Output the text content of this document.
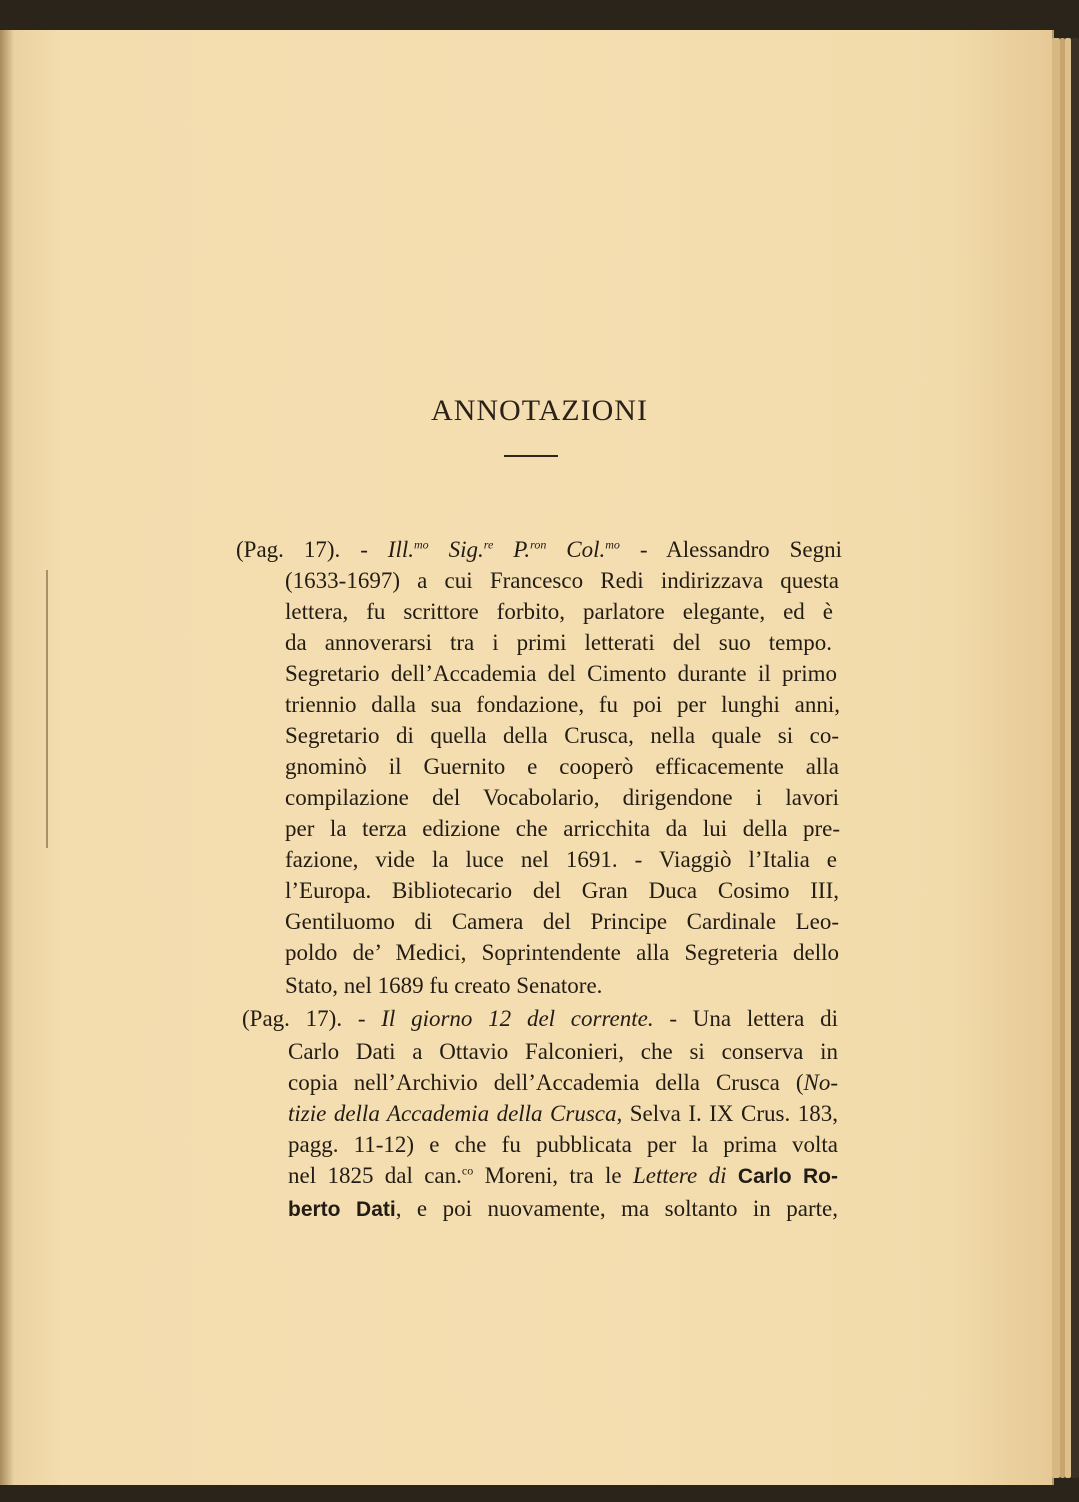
ANNOTAZIONI
(Pag. 17). - Ill.$^{mo}$ Sig.$^{re}$ P.$^{ron}$ Col.$^{mo}$ - Alessandro Segni
(1633-1697) a cui Francesco Redi indirizzava questa
lettera, fu scrittore forbito, parlatore elegante, ed è
da annoverarsi tra i primi letterati del suo tempo.
Segretario dell’Accademia del Cimento durante il primo
triennio dalla sua fondazione, fu poi per lunghi anni,
Segretario di quella della Crusca, nella quale si co-
gnominò il Guernito e cooperò efficacemente alla
compilazione del Vocabolario, dirigendone i lavori
per la terza edizione che arricchita da lui della pre-
fazione, vide la luce nel 1691. - Viaggiò l’Italia e
l’Europa. Bibliotecario del Gran Duca Cosimo III,
Gentiluomo di Camera del Principe Cardinale Leo-
poldo de’ Medici, Soprintendente alla Segreteria dello
Stato, nel 1689 fu creato Senatore.
(Pag. 17). - Il giorno 12 del corrente. - Una lettera di
Carlo Dati a Ottavio Falconieri, che si conserva in
copia nell’Archivio dell’Accademia della Crusca (No-
tizie della Accademia della Crusca, Selva I. IX Crus. 183,
pagg. 11-12) e che fu pubblicata per la prima volta
nel 1825 dal can.$^{co}$ Moreni, tra le Lettere di Carlo Ro-
berto Dati, e poi nuovamente, ma soltanto in parte,
